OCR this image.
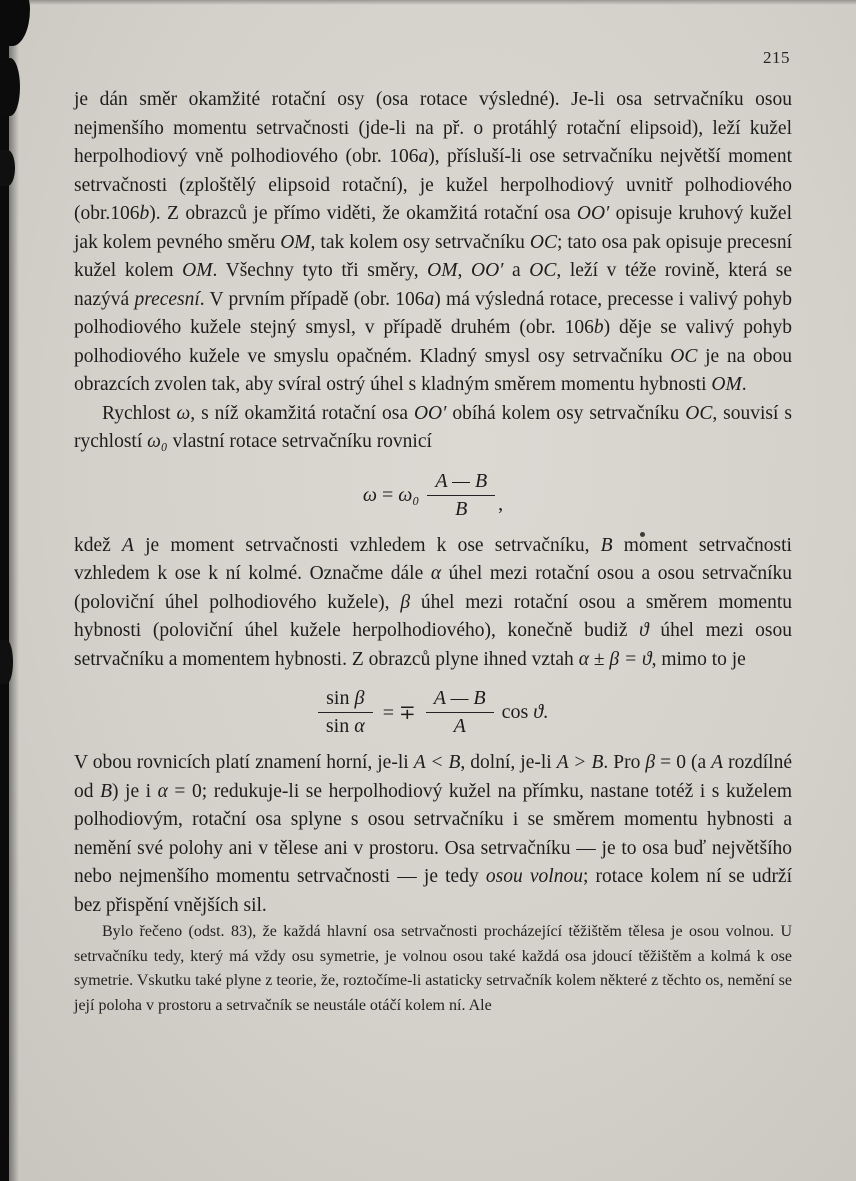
215

je dán směr okamžité rotační osy (osa rotace výsledné). Je-li osa setrvačníku osou nejmenšího momentu setrvačnosti (jde-li na př. o protáhlý rotační elipsoid), leží kužel herpolhodiový vně polhodiového (obr. 106a), přísluší-li ose setrvačníku největší moment setrvačnosti (zploštělý elipsoid rotační), je kužel herpolhodiový uvnitř polhodiového (obr.106b). Z obrazců je přímo viděti, že okamžitá rotační osa OO′ opisuje kruhový kužel jak kolem pevného směru OM, tak kolem osy setrvačníku OC; tato osa pak opisuje precesní kužel kolem OM. Všechny tyto tři směry, OM, OO′ a OC, leží v téže rovině, která se nazývá precesní. V prvním případě (obr. 106a) má výsledná rotace, precesse i valivý pohyb polhodiového kužele stejný smysl, v případě druhém (obr. 106b) děje se valivý pohyb polhodiového kužele ve smyslu opačném. Kladný smysl osy setrvačníku OC je na obou obrazcích zvolen tak, aby svíral ostrý úhel s kladným směrem momentu hybnosti OM.

Rychlost ω, s níž okamžitá rotační osa OO′ obíhá kolem osy setrvačníku OC, souvisí s rychlostí ω₀ vlastní rotace setrvačníku rovnicí

$\omega = \omega_0 \frac{A — B}{B}$ ,

kdež A je moment setrvačnosti vzhledem k ose setrvačníku, B moment setrvačnosti vzhledem k ose k ní kolmé. Označme dále α úhel mezi rotační osou a osou setrvačníku (poloviční úhel polhodiového kužele), β úhel mezi rotační osou a směrem momentu hybnosti (poloviční úhel kužele herpolhodiového), konečně budiž ϑ úhel mezi osou setrvačníku a momentem hybnosti. Z obrazců plyne ihned vztah α ± β = ϑ, mimo to je

$\frac{\text{sin β}}{\text{sin α}}$ = ∓ $\frac{A — B}{A}$ cos ϑ.

V obou rovnicích platí znamení horní, je-li A < B, dolní, je-li A > B. Pro β = 0 (a A rozdílné od B) je i α = 0; redukuje-li se herpolhodiový kužel na přímku, nastane totéž i s kuželem polhodiovým, rotační osa splyne s osou setrvačníku i se směrem momentu hybnosti a nemění své polohy ani v tělese ani v prostoru. Osa setrvačníku — je to osa buď největšího nebo nejmenšího momentu setrvačnosti — je tedy osou volnou; rotace kolem ní se udrží bez přispění vnějších sil.

Bylo řečeno (odst. 83), že každá hlavní osa setrvačnosti procházející těžištěm tělesa je osou volnou. U setrvačníku tedy, který má vždy osu symetrie, je volnou osou také každá osa jdoucí těžištěm a kolmá k ose symetrie. Vskutku také plyne z teorie, že, roztočíme-li astaticky setrvačník kolem některé z těchto os, nemění se její poloha v prostoru a setrvačník se neustále otáčí kolem ní. Ale
